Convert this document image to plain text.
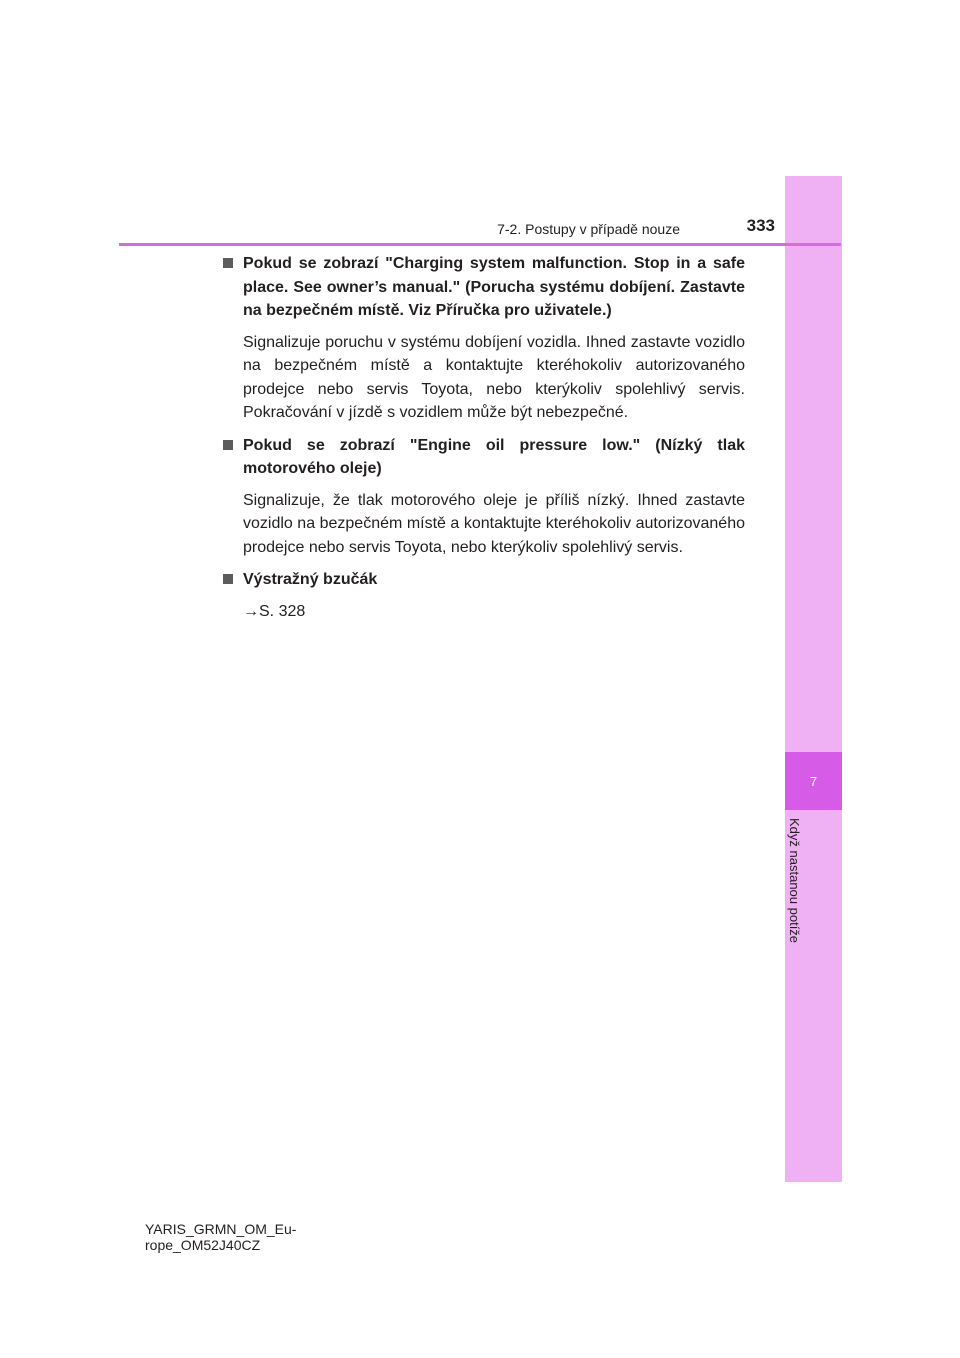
7
Když nastanou potíže
7-2. Postupy v případě nouze	333
Pokud se zobrazí "Charging system malfunction. Stop in a safe place. See owner’s manual." (Porucha systému dobíjení. Zastavte na bezpečném místě. Viz Příručka pro uživatele.)
Signalizuje poruchu v systému dobíjení vozidla. Ihned zastavte vozidlo na bezpečném místě a kontaktujte kteréhokoliv autorizovaného prodejce nebo servis Toyota, nebo kterýkoliv spolehlivý servis. Pokračování v jízdě s vozidlem může být nebezpečné.
Pokud se zobrazí "Engine oil pressure low." (Nízký tlak motorového oleje)
Signalizuje, že tlak motorového oleje je příliš nízký. Ihned zastavte vozidlo na bezpečném místě a kontaktujte kteréhokoliv autorizovaného prodejce nebo servis Toyota, nebo kterýkoliv spolehlivý servis.
Výstražný bzučák
→S. 328
YARIS_GRMN_OM_Eu-
rope_OM52J40CZ
